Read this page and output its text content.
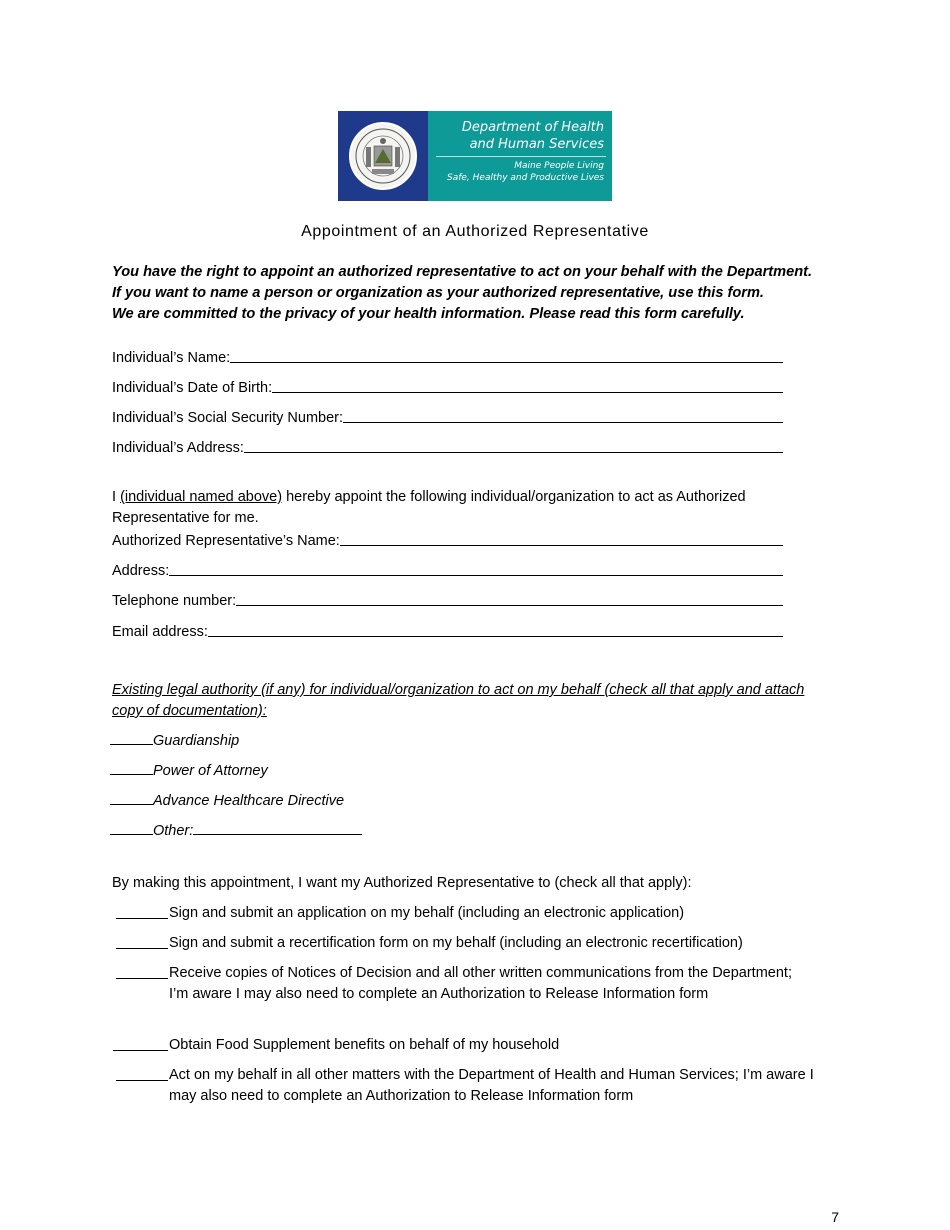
Department of Health
and Human Services
Maine People Living
Safe, Healthy and Productive Lives
Appointment of an Authorized Representative
You have the right to appoint an authorized representative to act on your behalf with the Department.
If you want to name a person or organization as your authorized representative, use this form.
We are committed to the privacy of your health information. Please read this form carefully.
Individual’s Name:
Individual’s Date of Birth:
Individual’s Social Security Number:
Individual’s Address:
I (individual named above) hereby appoint the following individual/organization to act as Authorized Representative for me.
Authorized Representative’s Name:
Address:
Telephone number:
Email address:
Existing legal authority (if any) for individual/organization to act on my behalf (check all that apply and attach copy of documentation):
Guardianship
Power of Attorney
Advance Healthcare Directive
Other:
By making this appointment, I want my Authorized Representative to (check all that apply):
Sign and submit an application on my behalf (including an electronic application)
Sign and submit a recertification form on my behalf (including an electronic recertification)
Receive copies of Notices of Decision and all other written communications from the Department; I’m aware I may also need to complete an Authorization to Release Information form
Obtain Food Supplement benefits on behalf of my household
Act on my behalf in all other matters with the Department of Health and Human Services; I’m aware I may also need to complete an Authorization to Release Information form
7
